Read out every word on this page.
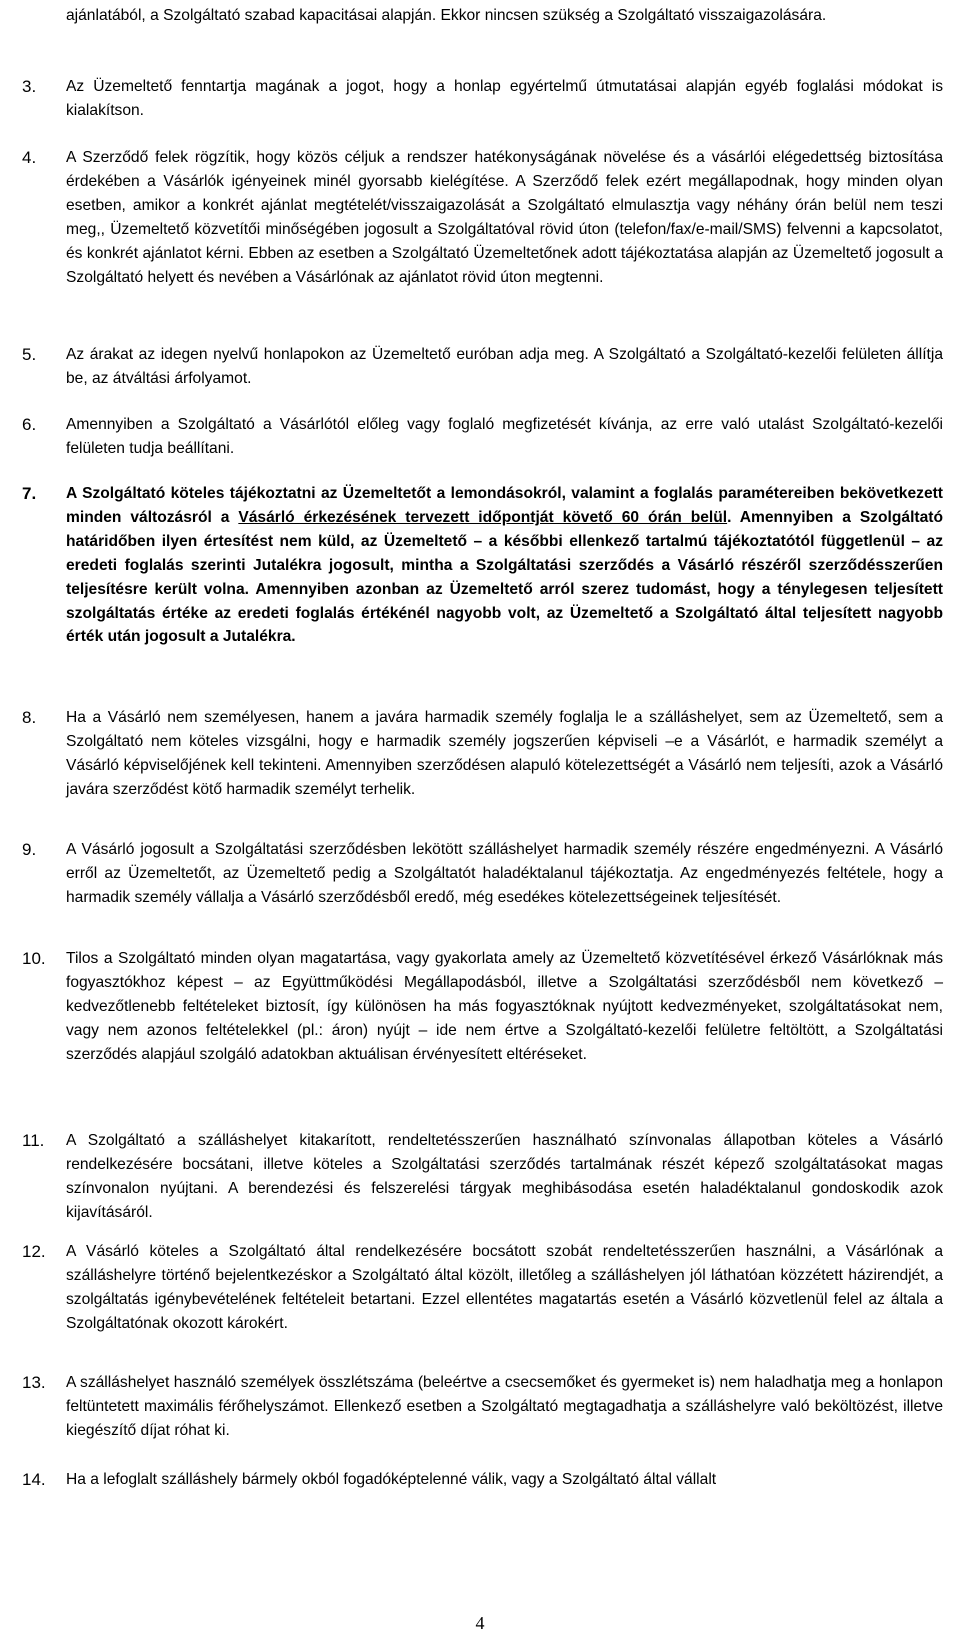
ajánlatából, a Szolgáltató szabad kapacitásai alapján. Ekkor nincsen szükség a Szolgáltató visszaigazolására.
3. Az Üzemeltető fenntartja magának a jogot, hogy a honlap egyértelmű útmutatásai alapján egyéb foglalási módokat is kialakítson.
4. A Szerződő felek rögzítik, hogy közös céljuk a rendszer hatékonyságának növelése és a vásárlói elégedettség biztosítása érdekében a Vásárlók igényeinek minél gyorsabb kielégítése. A Szerződő felek ezért megállapodnak, hogy minden olyan esetben, amikor a konkrét ajánlat megtételét/visszaigazolását a Szolgáltató elmulasztja vagy néhány órán belül nem teszi meg,, Üzemeltető közvetítői minőségében jogosult a Szolgáltatóval rövid úton (telefon/fax/e-mail/SMS) felvenni a kapcsolatot, és konkrét ajánlatot kérni. Ebben az esetben a Szolgáltató Üzemeltetőnek adott tájékoztatása alapján az Üzemeltető jogosult a Szolgáltató helyett és nevében a Vásárlónak az ajánlatot rövid úton megtenni.
5. Az árakat az idegen nyelvű honlapokon az Üzemeltető euróban adja meg. A Szolgáltató a Szolgáltató-kezelői felületen állítja be, az átváltási árfolyamot.
6. Amennyiben a Szolgáltató a Vásárlótól előleg vagy foglaló megfizetését kívánja, az erre való utalást Szolgáltató-kezelői felületen tudja beállítani.
7. A Szolgáltató köteles tájékoztatni az Üzemeltetőt a lemondásokról, valamint a foglalás paramétereiben bekövetkezett minden változásról a Vásárló érkezésének tervezett időpontját követő 60 órán belül. Amennyiben a Szolgáltató határidőben ilyen értesítést nem küld, az Üzemeltető – a későbbi ellenkező tartalmú tájékoztatótól függetlenül – az eredeti foglalás szerinti Jutalékra jogosult, mintha a Szolgáltatási szerződés a Vásárló részéről szerződésszerűen teljesítésre került volna. Amennyiben azonban az Üzemeltető arról szerez tudomást, hogy a ténylegesen teljesített szolgáltatás értéke az eredeti foglalás értékénél nagyobb volt, az Üzemeltető a Szolgáltató által teljesített nagyobb érték után jogosult a Jutalékra.
8. Ha a Vásárló nem személyesen, hanem a javára harmadik személy foglalja le a szálláshelyet, sem az Üzemeltető, sem a Szolgáltató nem köteles vizsgálni, hogy e harmadik személy jogszerűen képviseli –e a Vásárlót, e harmadik személyt a Vásárló képviselőjének kell tekinteni. Amennyiben szerződésen alapuló kötelezettségét a Vásárló nem teljesíti, azok a Vásárló javára szerződést kötő harmadik személyt terhelik.
9. A Vásárló jogosult a Szolgáltatási szerződésben lekötött szálláshelyet harmadik személy részére engedményezni. A Vásárló erről az Üzemeltetőt, az Üzemeltető pedig a Szolgáltatót haladéktalanul tájékoztatja. Az engedményezés feltétele, hogy a harmadik személy vállalja a Vásárló szerződésből eredő, még esedékes kötelezettségeinek teljesítését.
10. Tilos a Szolgáltató minden olyan magatartása, vagy gyakorlata amely az Üzemeltető közvetítésével érkező Vásárlóknak más fogyasztókhoz képest – az Együttműködési Megállapodásból, illetve a Szolgáltatási szerződésből nem következő – kedvezőtlenebb feltételeket biztosít, így különösen ha más fogyasztóknak nyújtott kedvezményeket, szolgáltatásokat nem, vagy nem azonos feltételekkel (pl.: áron) nyújt – ide nem értve a Szolgáltató-kezelői felületre feltöltött, a Szolgáltatási szerződés alapjául szolgáló adatokban aktuálisan érvényesített eltéréseket.
11. A Szolgáltató a szálláshelyet kitakarított, rendeltetésszerűen használható színvonalas állapotban köteles a Vásárló rendelkezésére bocsátani, illetve köteles a Szolgáltatási szerződés tartalmának részét képező szolgáltatásokat magas színvonalon nyújtani. A berendezési és felszerelési tárgyak meghibásodása esetén haladéktalanul gondoskodik azok kijavításáról.
12. A Vásárló köteles a Szolgáltató által rendelkezésére bocsátott szobát rendeltetésszerűen használni, a Vásárlónak a szálláshelyre történő bejelentkezéskor a Szolgáltató által közölt, illetőleg a szálláshelyen jól láthatóan közzétett házirendjét, a szolgáltatás igénybevételének feltételeit betartani. Ezzel ellentétes magatartás esetén a Vásárló közvetlenül felel az általa a Szolgáltatónak okozott károkért.
13. A szálláshelyet használó személyek összlétszáma (beleértve a csecsemőket és gyermeket is) nem haladhatja meg a honlapon feltüntetett maximális férőhelyszámot. Ellenkező esetben a Szolgáltató megtagadhatja a szálláshelyre való beköltözést, illetve kiegészítő díjat róhat ki.
14. Ha a lefoglalt szálláshely bármely okból fogadóképtelenné válik, vagy a Szolgáltató által vállalt
4
